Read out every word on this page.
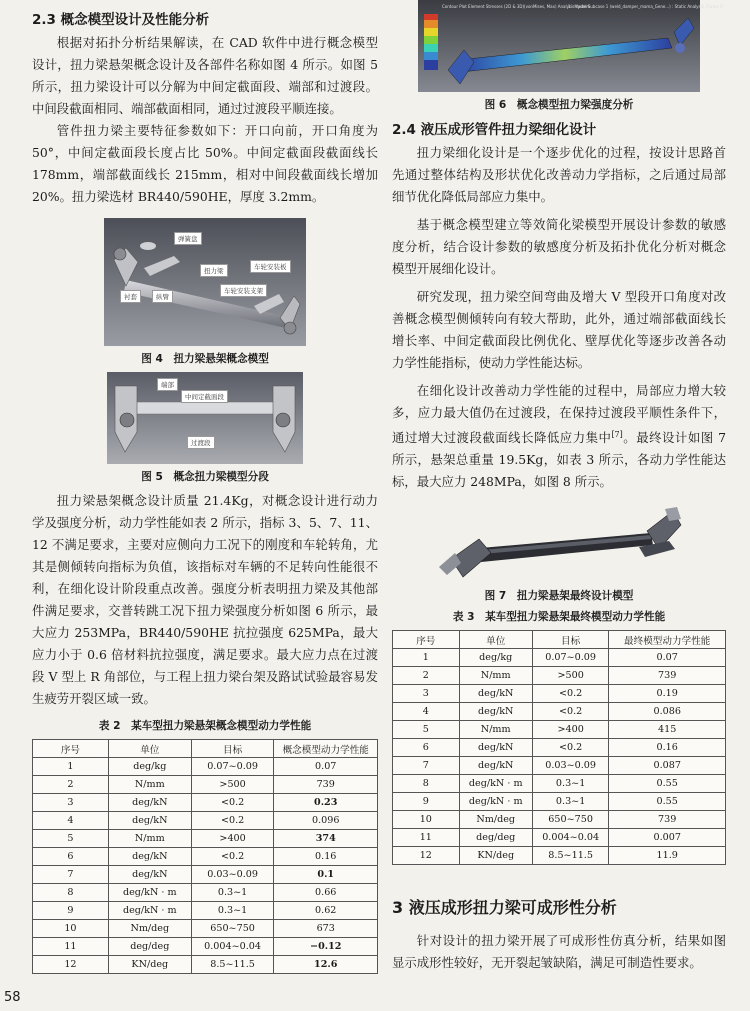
2.3 概念模型设计及性能分析

根据对拓扑分析结果解读，在 CAD 软件中进行概念模型设计，扭力梁悬架概念设计及各部件名称如图 4 所示。如图 5 所示，扭力梁设计可以分解为中间定截面段、端部和过渡段。中间段截面相同、端部截面相同，通过过渡段平顺连接。

管件扭力梁主要特征参数如下：开口向前，开口角度为 50°，中间定截面段长度占比 50%。中间定截面段截面线长 178mm，端部截面线长 215mm，相对中间段截面线长增加 20%。扭力梁选材 BR440/590HE，厚度 3.2mm。

弹簧盘
扭力梁	车轮安装板
车轮安装支架
衬套	纵臂
图 4　扭力梁悬架概念模型
端部
中间定截面段
过渡段
图 5　概念扭力梁模型分段

扭力梁悬架概念设计质量 21.4Kg，对概念设计进行动力学及强度分析，动力学性能如表 2 所示，指标 3、5、7、11、12 不满足要求，主要对应侧向力工况下的刚度和车轮转角，尤其是侧倾转向指标为负值，该指标对车辆的不足转向性能很不利，在细化设计阶段重点改善。强度分析表明扭力梁及其他部件满足要求，交普转跳工况下扭力梁强度分析如图 6 所示，最大应力 253MPa，BR440/590HE 抗拉强度 625MPa，最大应力小于 0.6 倍材料抗拉强度，满足要求。最大应力点在过渡段 V 型上 R 角部位，与工程上扭力梁台架及路试试验最容易发生疲劳开裂区域一致。

表 2　某车型扭力梁悬架概念模型动力学性能
序号	单位	目标	概念模型动力学性能
1	deg/kg	0.07~0.09	0.07
2	N/mm	>500	739
3	deg/kN	<0.2	0.23
4	deg/kN	<0.2	0.096
5	N/mm	>400	374
6	deg/kN	<0.2	0.16
7	deg/kN	0.03~0.09	0.1
8	deg/kN · m	0.3~1	0.66
9	deg/kN · m	0.3~1	0.62
10	Nm/deg	650~750	673
11	deg/deg	0.004~0.04	−0.12
12	KN/deg	8.5~11.5	12.6
Contour Plot Element Stresses (2D & 3D)(vonMises, Max) Analysis system
1 : Model Subcase 1 (weld_damper_mama_Gene...) : Static Analysis, Frame 0
图 6　概念模型扭力梁强度分析
2.4 液压成形管件扭力梁细化设计

扭力梁细化设计是一个逐步优化的过程，按设计思路首先通过整体结构及形状优化改善动力学指标，之后通过局部细节优化降低局部应力集中。

基于概念模型建立等效简化梁模型开展设计参数的敏感度分析，结合设计参数的敏感度分析及拓扑优化分析对概念模型开展细化设计。

研究发现，扭力梁空间弯曲及增大 V 型段开口角度对改善概念模型侧倾转向有较大帮助，此外，通过端部截面线长增长率、中间定截面段比例优化、壁厚优化等逐步改善各动力学性能指标，使动力学性能达标。

在细化设计改善动力学性能的过程中，局部应力增大较多，应力最大值仍在过渡段，在保持过渡段平顺性条件下，通过增大过渡段截面线长降低应力集中[7]。最终设计如图 7 所示，悬架总重量 19.5Kg，如表 3 所示，各动力学性能达标，最大应力 248MPa，如图 8 所示。

图 7　扭力梁悬架最终设计模型
表 3　某车型扭力梁悬架最终模型动力学性能
序号	单位	目标	最终模型动力学性能
1	deg/kg	0.07~0.09	0.07
2	N/mm	>500	739
3	deg/kN	<0.2	0.19
4	deg/kN	<0.2	0.086
5	N/mm	>400	415
6	deg/kN	<0.2	0.16
7	deg/kN	0.03~0.09	0.087
8	deg/kN · m	0.3~1	0.55
9	deg/kN · m	0.3~1	0.55
10	Nm/deg	650~750	739
11	deg/deg	0.004~0.04	0.007
12	KN/deg	8.5~11.5	11.9
3 液压成形扭力梁可成形性分析

针对设计的扭力梁开展了可成形性仿真分析，结果如图显示成形性较好，无开裂起皱缺陷，满足可制造性要求。

58
